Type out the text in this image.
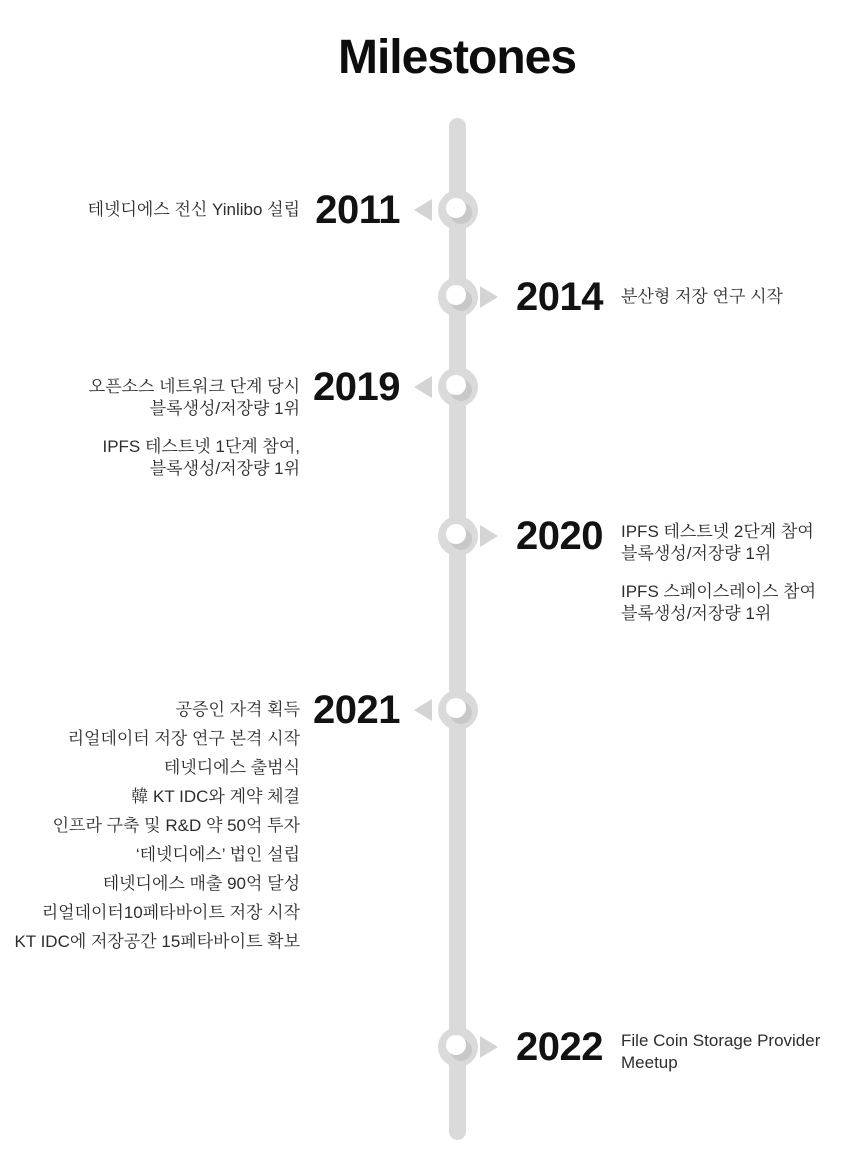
Milestones
2011

테넷디에스 전신 Yinlibo 설립

2014 분산형 저장 연구 시작

2019

오픈소스 네트워크 단계 당시
블록생성/저장량 1위

IPFS 테스트넷 1단계 참여,
블록생성/저장량 1위

2020 IPFS 테스트넷 2단계 참여
블록생성/저장량 1위

IPFS 스페이스레이스 참여
블록생성/저장량 1위

2021

공증인 자격 획득

리얼데이터 저장 연구 본격 시작

테넷디에스 출범식

韓 KT IDC와 계약 체결

인프라 구축 및 R&D 약 50억 투자

‘테넷디에스’ 법인 설립

테넷디에스 매출 90억 달성

리얼데이터10페타바이트 저장 시작

KT IDC에 저장공간 15페타바이트 확보

2022 File Coin Storage Provider
Meetup
